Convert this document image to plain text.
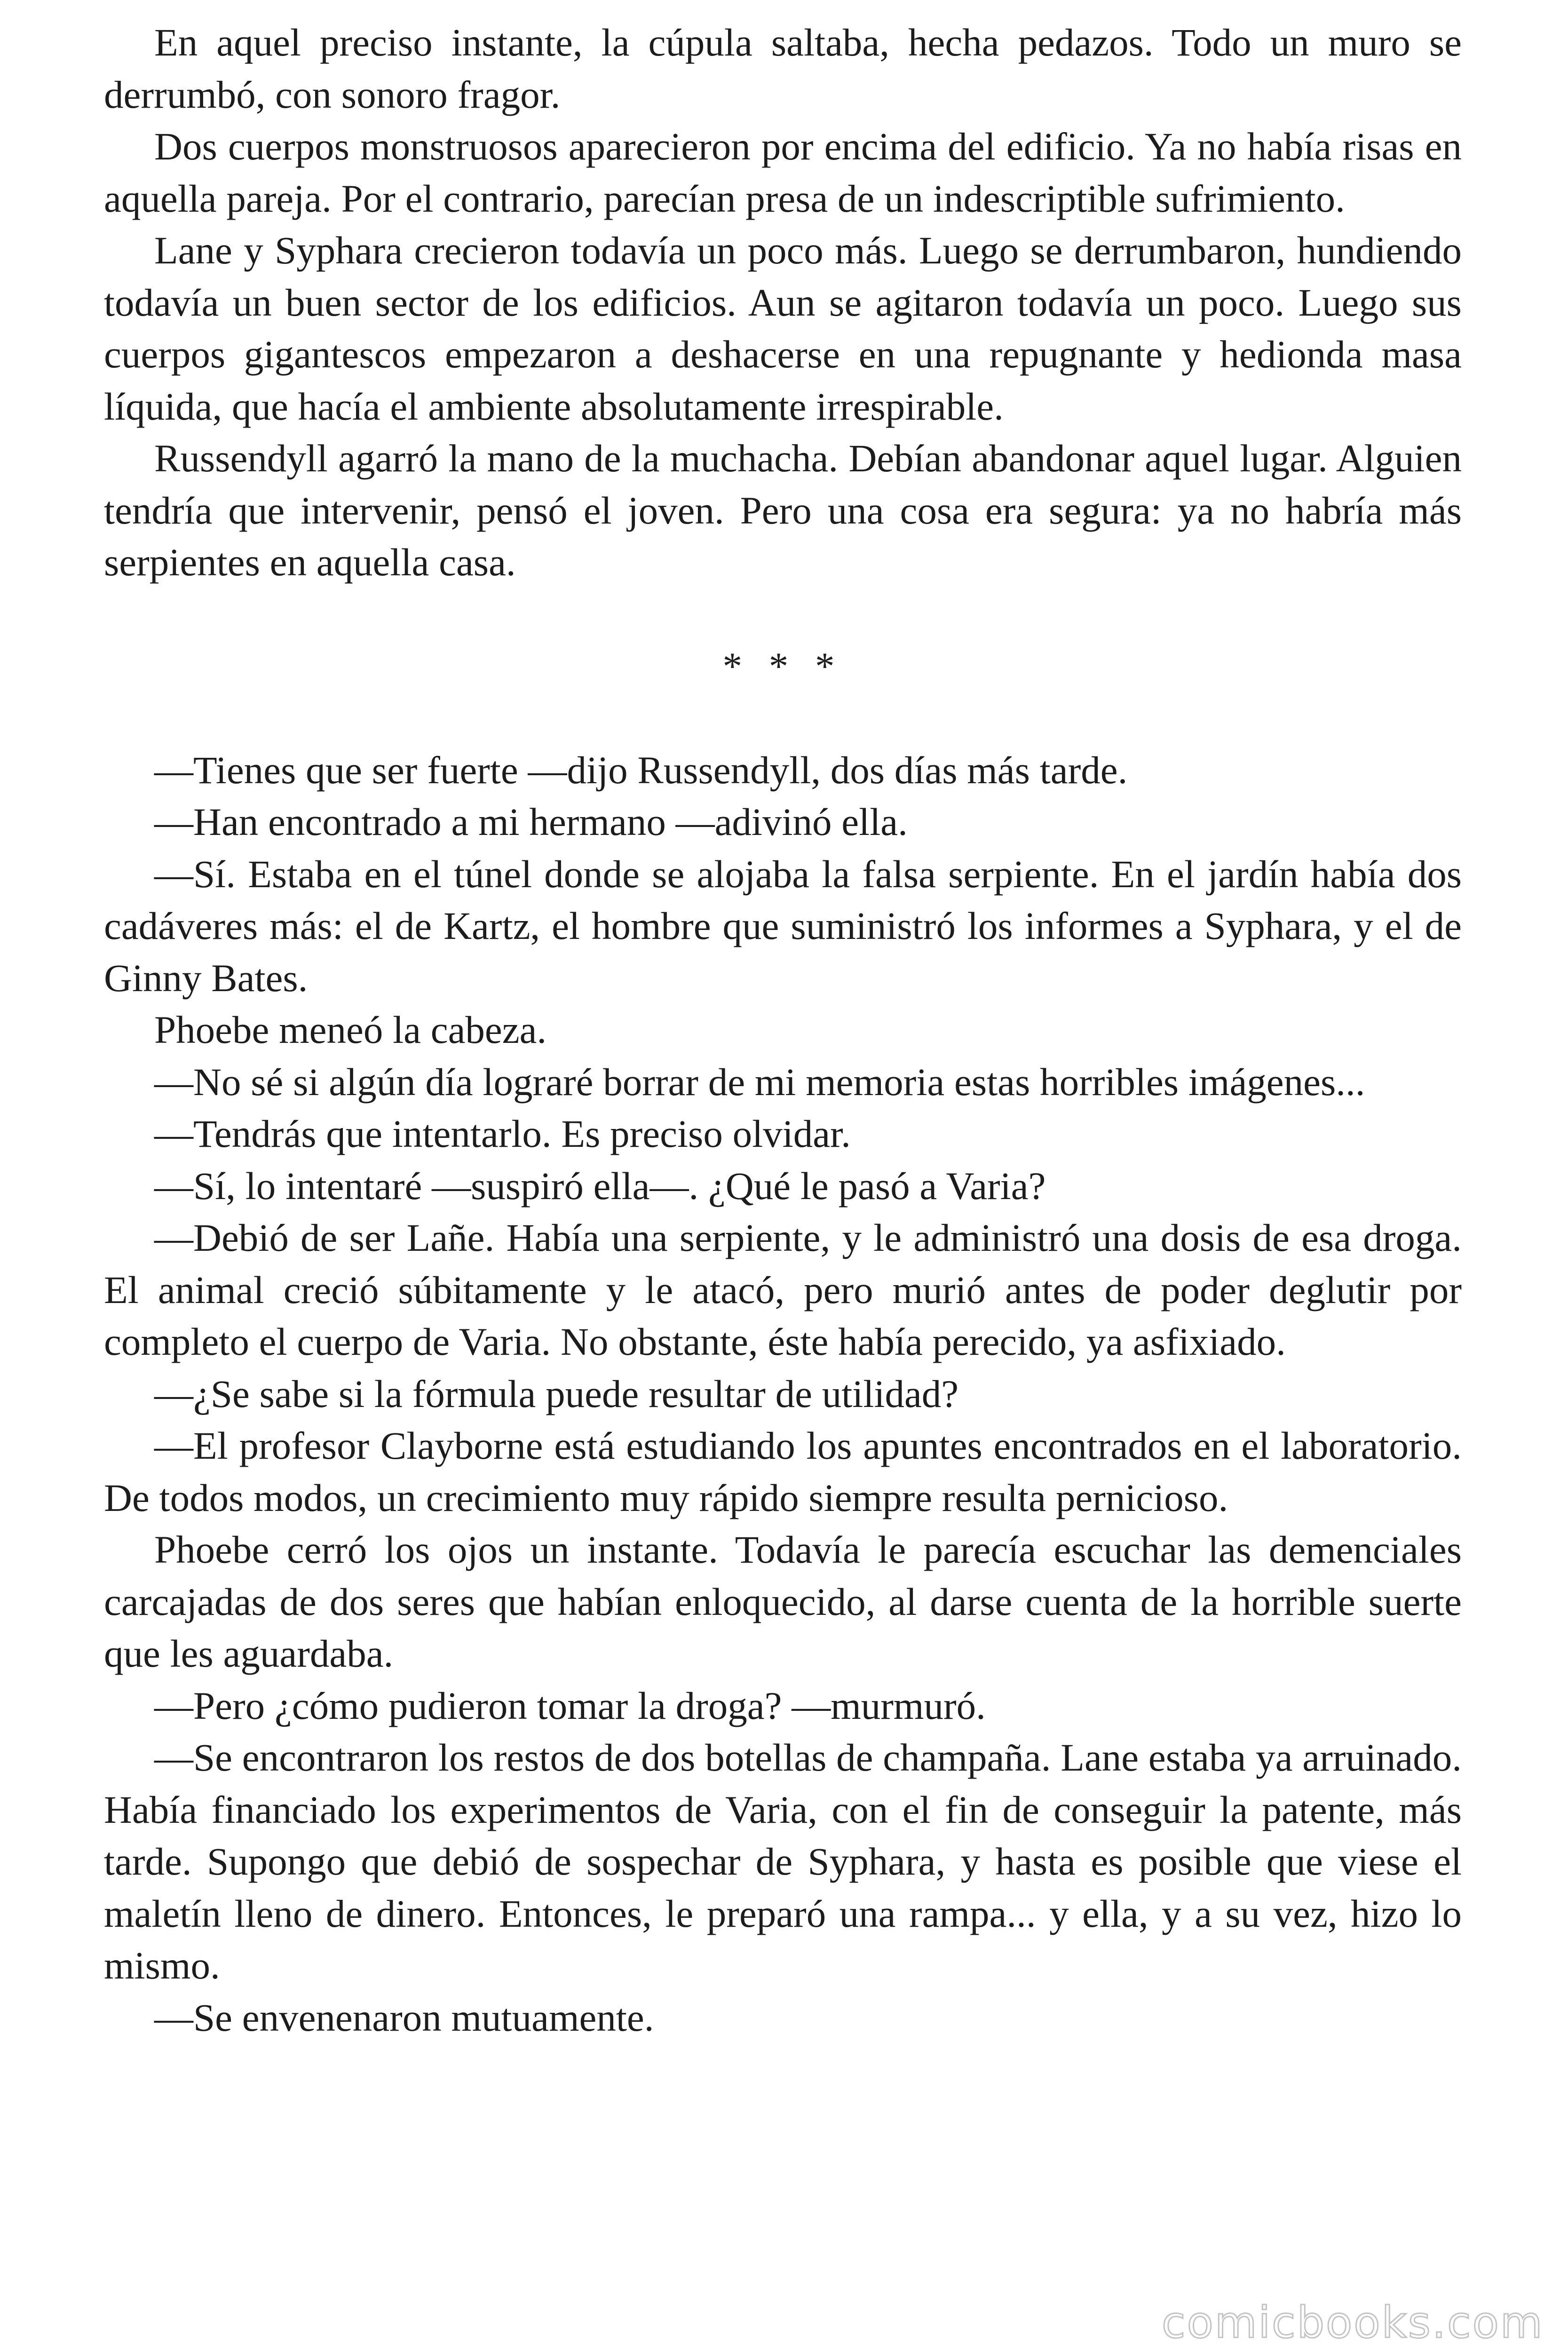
En aquel preciso instante, la cúpula saltaba, hecha pedazos. Todo un muro se derrumbó, con sonoro fragor.

Dos cuerpos monstruosos aparecieron por encima del edificio. Ya no había risas en aquella pareja. Por el contrario, parecían presa de un indescriptible sufrimiento.

Lane y Syphara crecieron todavía un poco más. Luego se derrumbaron, hundiendo todavía un buen sector de los edificios. Aun se agitaron todavía un poco. Luego sus cuerpos gigantescos empezaron a deshacerse en una repugnante y hedionda masa líquida, que hacía el ambiente absolutamente irrespirable.

Russendyll agarró la mano de la muchacha. Debían abandonar aquel lugar. Alguien tendría que intervenir, pensó el joven. Pero una cosa era segura: ya no habría más serpientes en aquella casa.

* * *

—Tienes que ser fuerte —dijo Russendyll, dos días más tarde.

—Han encontrado a mi hermano —adivinó ella.

—Sí. Estaba en el túnel donde se alojaba la falsa serpiente. En el jardín había dos cadáveres más: el de Kartz, el hombre que suministró los informes a Syphara, y el de Ginny Bates.

Phoebe meneó la cabeza.

—No sé si algún día lograré borrar de mi memoria estas horribles imágenes...

—Tendrás que intentarlo. Es preciso olvidar.

—Sí, lo intentaré —suspiró ella—. ¿Qué le pasó a Varia?

—Debió de ser Lañe. Había una serpiente, y le administró una dosis de esa droga. El animal creció súbitamente y le atacó, pero murió antes de poder deglutir por completo el cuerpo de Varia. No obstante, éste había perecido, ya asfixiado.

—¿Se sabe si la fórmula puede resultar de utilidad?

—El profesor Clayborne está estudiando los apuntes encontrados en el laboratorio. De todos modos, un crecimiento muy rápido siempre resulta pernicioso.

Phoebe cerró los ojos un instante. Todavía le parecía escuchar las demenciales carcajadas de dos seres que habían enloquecido, al darse cuenta de la horrible suerte que les aguardaba.

—Pero ¿cómo pudieron tomar la droga? —murmuró.

—Se encontraron los restos de dos botellas de champaña. Lane estaba ya arruinado. Había financiado los experimentos de Varia, con el fin de conseguir la patente, más tarde. Supongo que debió de sospechar de Syphara, y hasta es posible que viese el maletín lleno de dinero. Entonces, le preparó una rampa... y ella, y a su vez, hizo lo mismo.

—Se envenenaron mutuamente.

comicbooks.com
